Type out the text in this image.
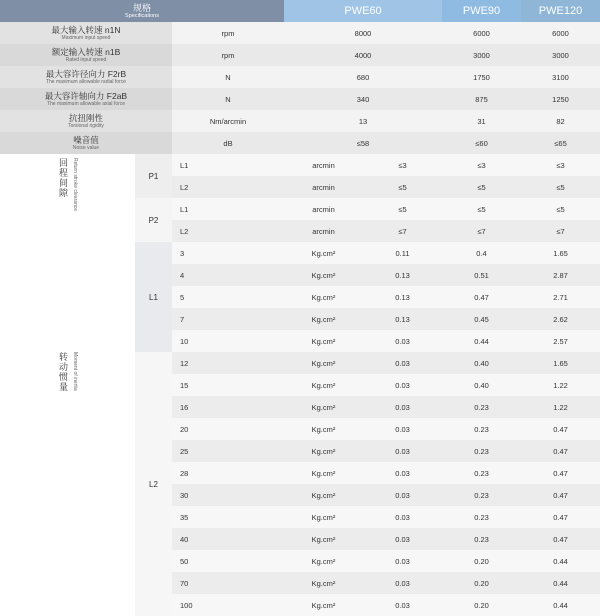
规格
Specifications			PWE60		PWE90	PWE120

最大输入转速 n1N
Maximum input speed		rpm	8000		6000	6000

额定输入转速 n1B
Rated input speed		rpm	4000		3000	3000

最大容许径向力 F2rB
The maximum allowable radial force		N	680		1750	3100

最大容许轴向力 F2aB
The maximum allowable axial force		N	340		875	1250

抗扭刚性
Torsional rigidity		Nm/arcmin	13		31	82

噪音值
Noise value		dB	≤58		≤60	≤65

回程间隙 Return stroke clearance	P1	L1	arcmin	≤3	≤3	≤3
		L2	arcmin	≤5	≤5	≤5
	P2	L1	arcmin	≤5	≤5	≤5
		L2	arcmin	≤7	≤7	≤7

转动惯量 Moment of inertia	L1	3	Kg.cm²	0.11	0.4	1.65
		4	Kg.cm²	0.13	0.51	2.87
		5	Kg.cm²	0.13	0.47	2.71
		7	Kg.cm²	0.13	0.45	2.62
		10	Kg.cm²	0.03	0.44	2.57
	L2	12	Kg.cm²	0.03	0.40	1.65
		15	Kg.cm²	0.03	0.40	1.22
		16	Kg.cm²	0.03	0.23	1.22
		20	Kg.cm²	0.03	0.23	0.47
		25	Kg.cm²	0.03	0.23	0.47
		28	Kg.cm²	0.03	0.23	0.47
		30	Kg.cm²	0.03	0.23	0.47
		35	Kg.cm²	0.03	0.23	0.47
		40	Kg.cm²	0.03	0.23	0.47
		50	Kg.cm²	0.03	0.20	0.44
		70	Kg.cm²	0.03	0.20	0.44
		100	Kg.cm²	0.03	0.20	0.44
